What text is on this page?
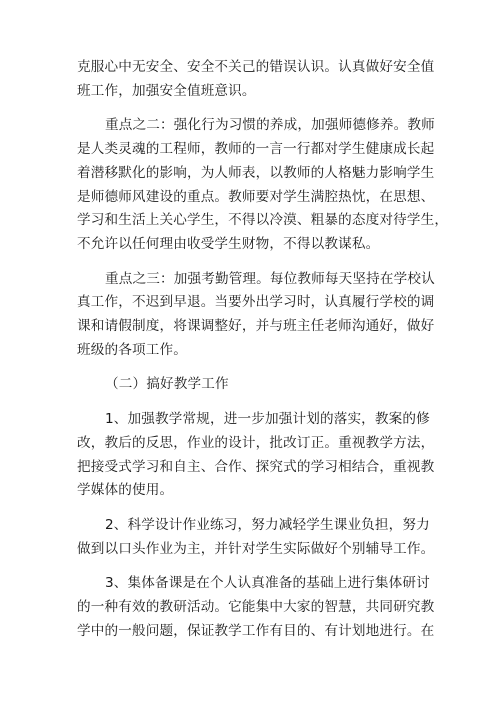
克服心中无安全、安全不关己的错误认识。认真做好安全值
班工作，加强安全值班意识。
重点之二：强化行为习惯的养成，加强师德修养。教师
是人类灵魂的工程师，教师的一言一行都对学生健康成长起
着潜移默化的影响，为人师表，以教师的人格魅力影响学生
是师德师风建设的重点。教师要对学生满腔热忱，在思想、
学习和生活上关心学生，不得以冷漠、粗暴的态度对待学生，
不允许以任何理由收受学生财物，不得以教谋私。
重点之三：加强考勤管理。每位教师每天坚持在学校认
真工作，不迟到早退。当要外出学习时，认真履行学校的调
课和请假制度，将课调整好，并与班主任老师沟通好，做好
班级的各项工作。
（二）搞好教学工作
1、加强教学常规，进一步加强计划的落实，教案的修
改，教后的反思，作业的设计，批改订正。重视教学方法，
把接受式学习和自主、合作、探究式的学习相结合，重视教
学媒体的使用。
2、科学设计作业练习，努力减轻学生课业负担，努力
做到以口头作业为主，并针对学生实际做好个别辅导工作。
3、集体备课是在个人认真准备的基础上进行集体研讨
的一种有效的教研活动。它能集中大家的智慧，共同研究教
学中的一般问题，保证教学工作有目的、有计划地进行。在
